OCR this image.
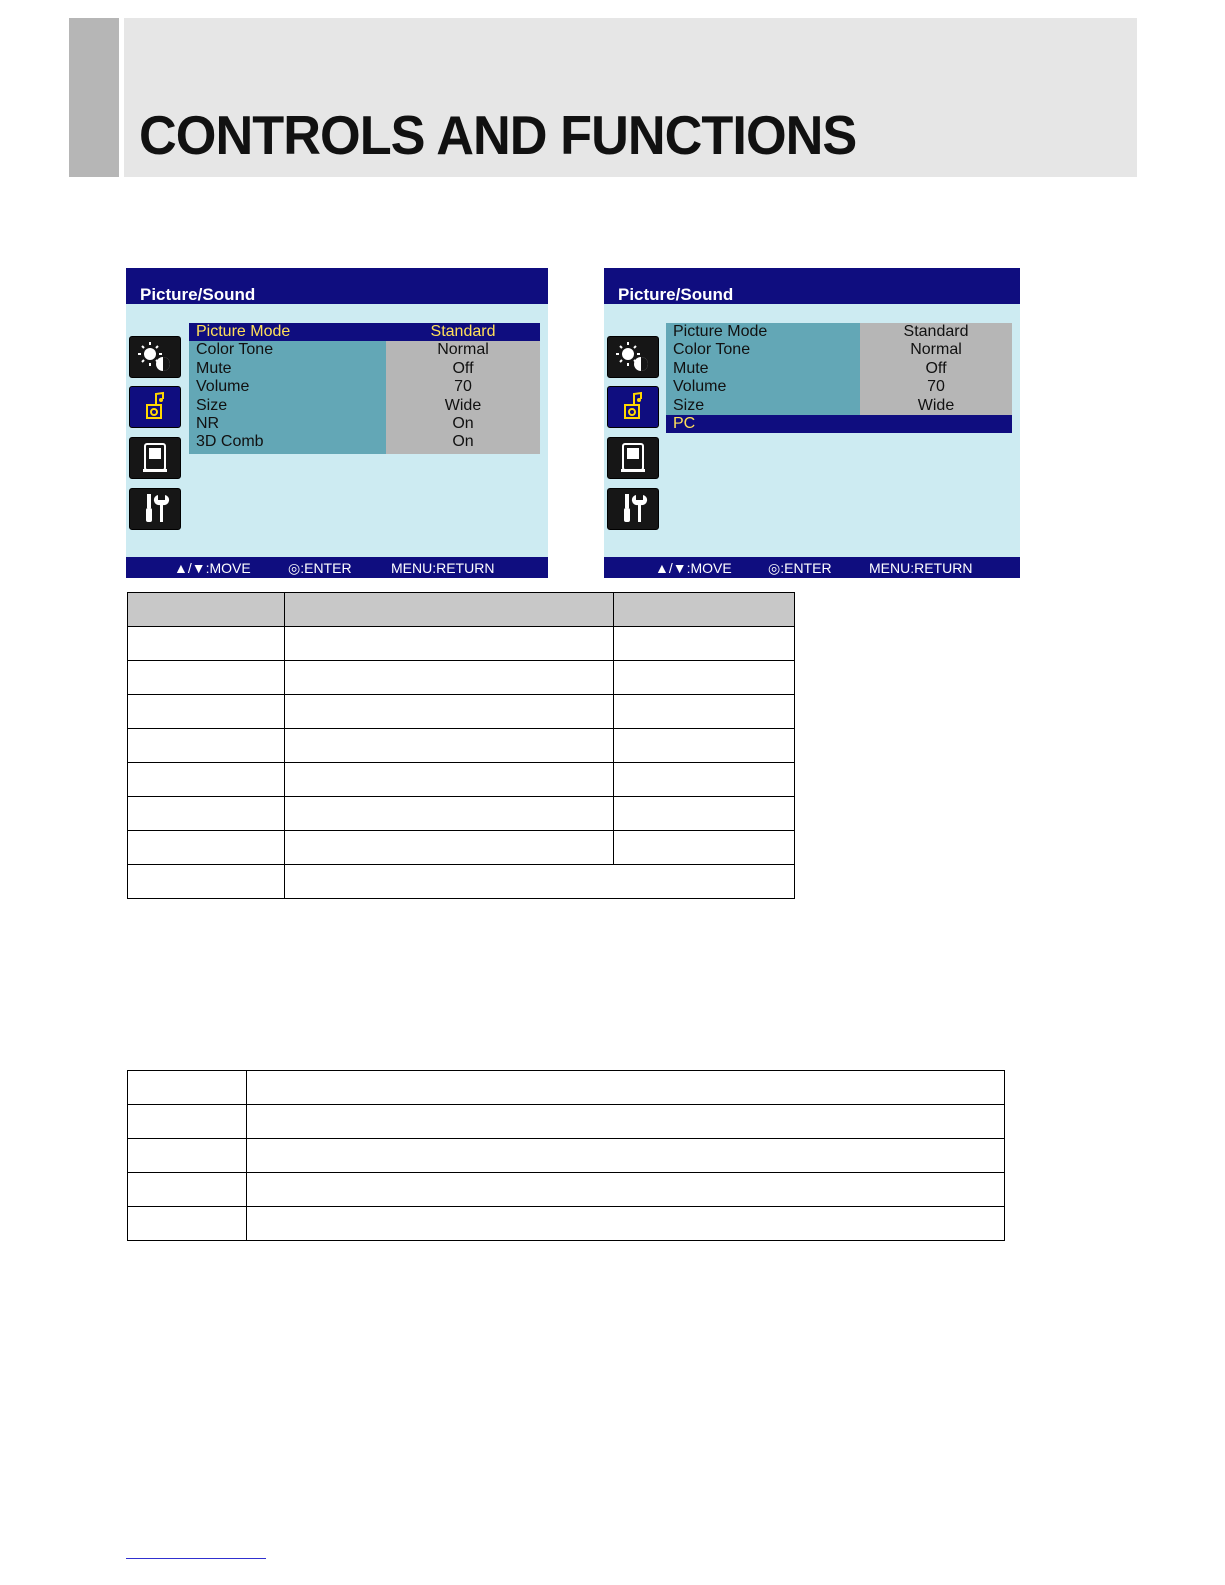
CONTROLS AND FUNCTIONS
Picture/Sound
Picture Mode	Standard
Color Tone	Normal
Mute	Off
Volume	70
Size	Wide
NR	On
3D Comb	On
▲/▼:MOVE	◎:ENTER	MENU:RETURN
Picture/Sound
Picture Mode	Standard
Color Tone	Normal
Mute	Off
Volume	70
Size	Wide
PC
▲/▼:MOVE	◎:ENTER	MENU:RETURN
